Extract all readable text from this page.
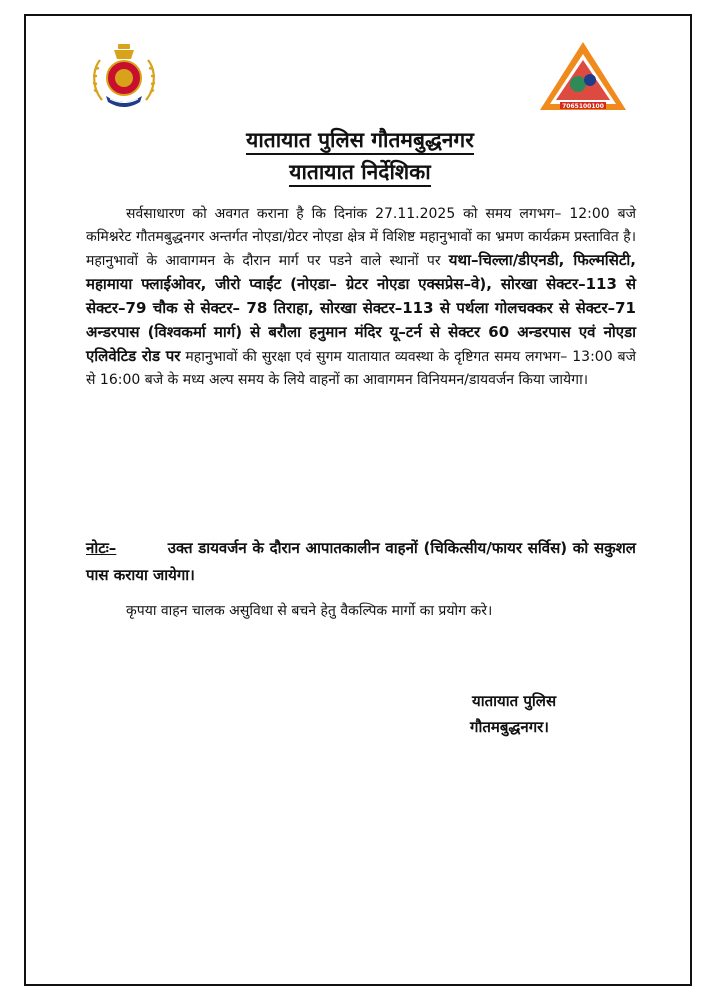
7065100100
यातायात पुलिस गौतमबुद्धनगर
यातायात निर्देशिका

सर्वसाधारण को अवगत कराना है कि दिनांक 27.11.2025 को समय लगभग– 12:00 बजे कमिश्नरेट गौतमबुद्धनगर अन्तर्गत नोएडा/ग्रेटर नोएडा क्षेत्र में विशिष्ट महानुभावों का भ्रमण कार्यक्रम प्रस्तावित है। महानुभावों के आवागमन के दौरान मार्ग पर पडने वाले स्थानों पर यथा–चिल्ला/डीएनडी, फिल्मसिटी, महामाया फ्लाईओवर, जीरो प्वाईंट (नोएडा– ग्रेटर नोएडा एक्सप्रेस–वे), सोरखा सेक्टर–113 से सेक्टर–79 चौक से सेक्टर– 78 तिराहा, सोरखा सेक्टर–113 से पर्थला गोलचक्कर से सेक्टर–71 अन्डरपास (विश्वकर्मा मार्ग) से बरौला हनुमान मंदिर यू–टर्न से सेक्टर 60 अन्डरपास एवं नोएडा एलिवेटिड रोड पर महानुभावों की सुरक्षा एवं सुगम यातायात व्यवस्था के दृष्टिगत समय लगभग– 13:00 बजे से 16:00 बजे के मध्य अल्प समय के लिये वाहनों का आवागमन विनियमन/डायवर्जन किया जायेगा।

नोटः–	उक्त डायवर्जन के दौरान आपातकालीन वाहनों (चिकित्सीय/फायर सर्विस) को सकुशल पास कराया जायेगा।

कृपया वाहन चालक असुविधा से बचने हेतु वैकल्पिक मार्गो का प्रयोग करे।

यातायात पुलिस
गौतमबुद्धनगर।
